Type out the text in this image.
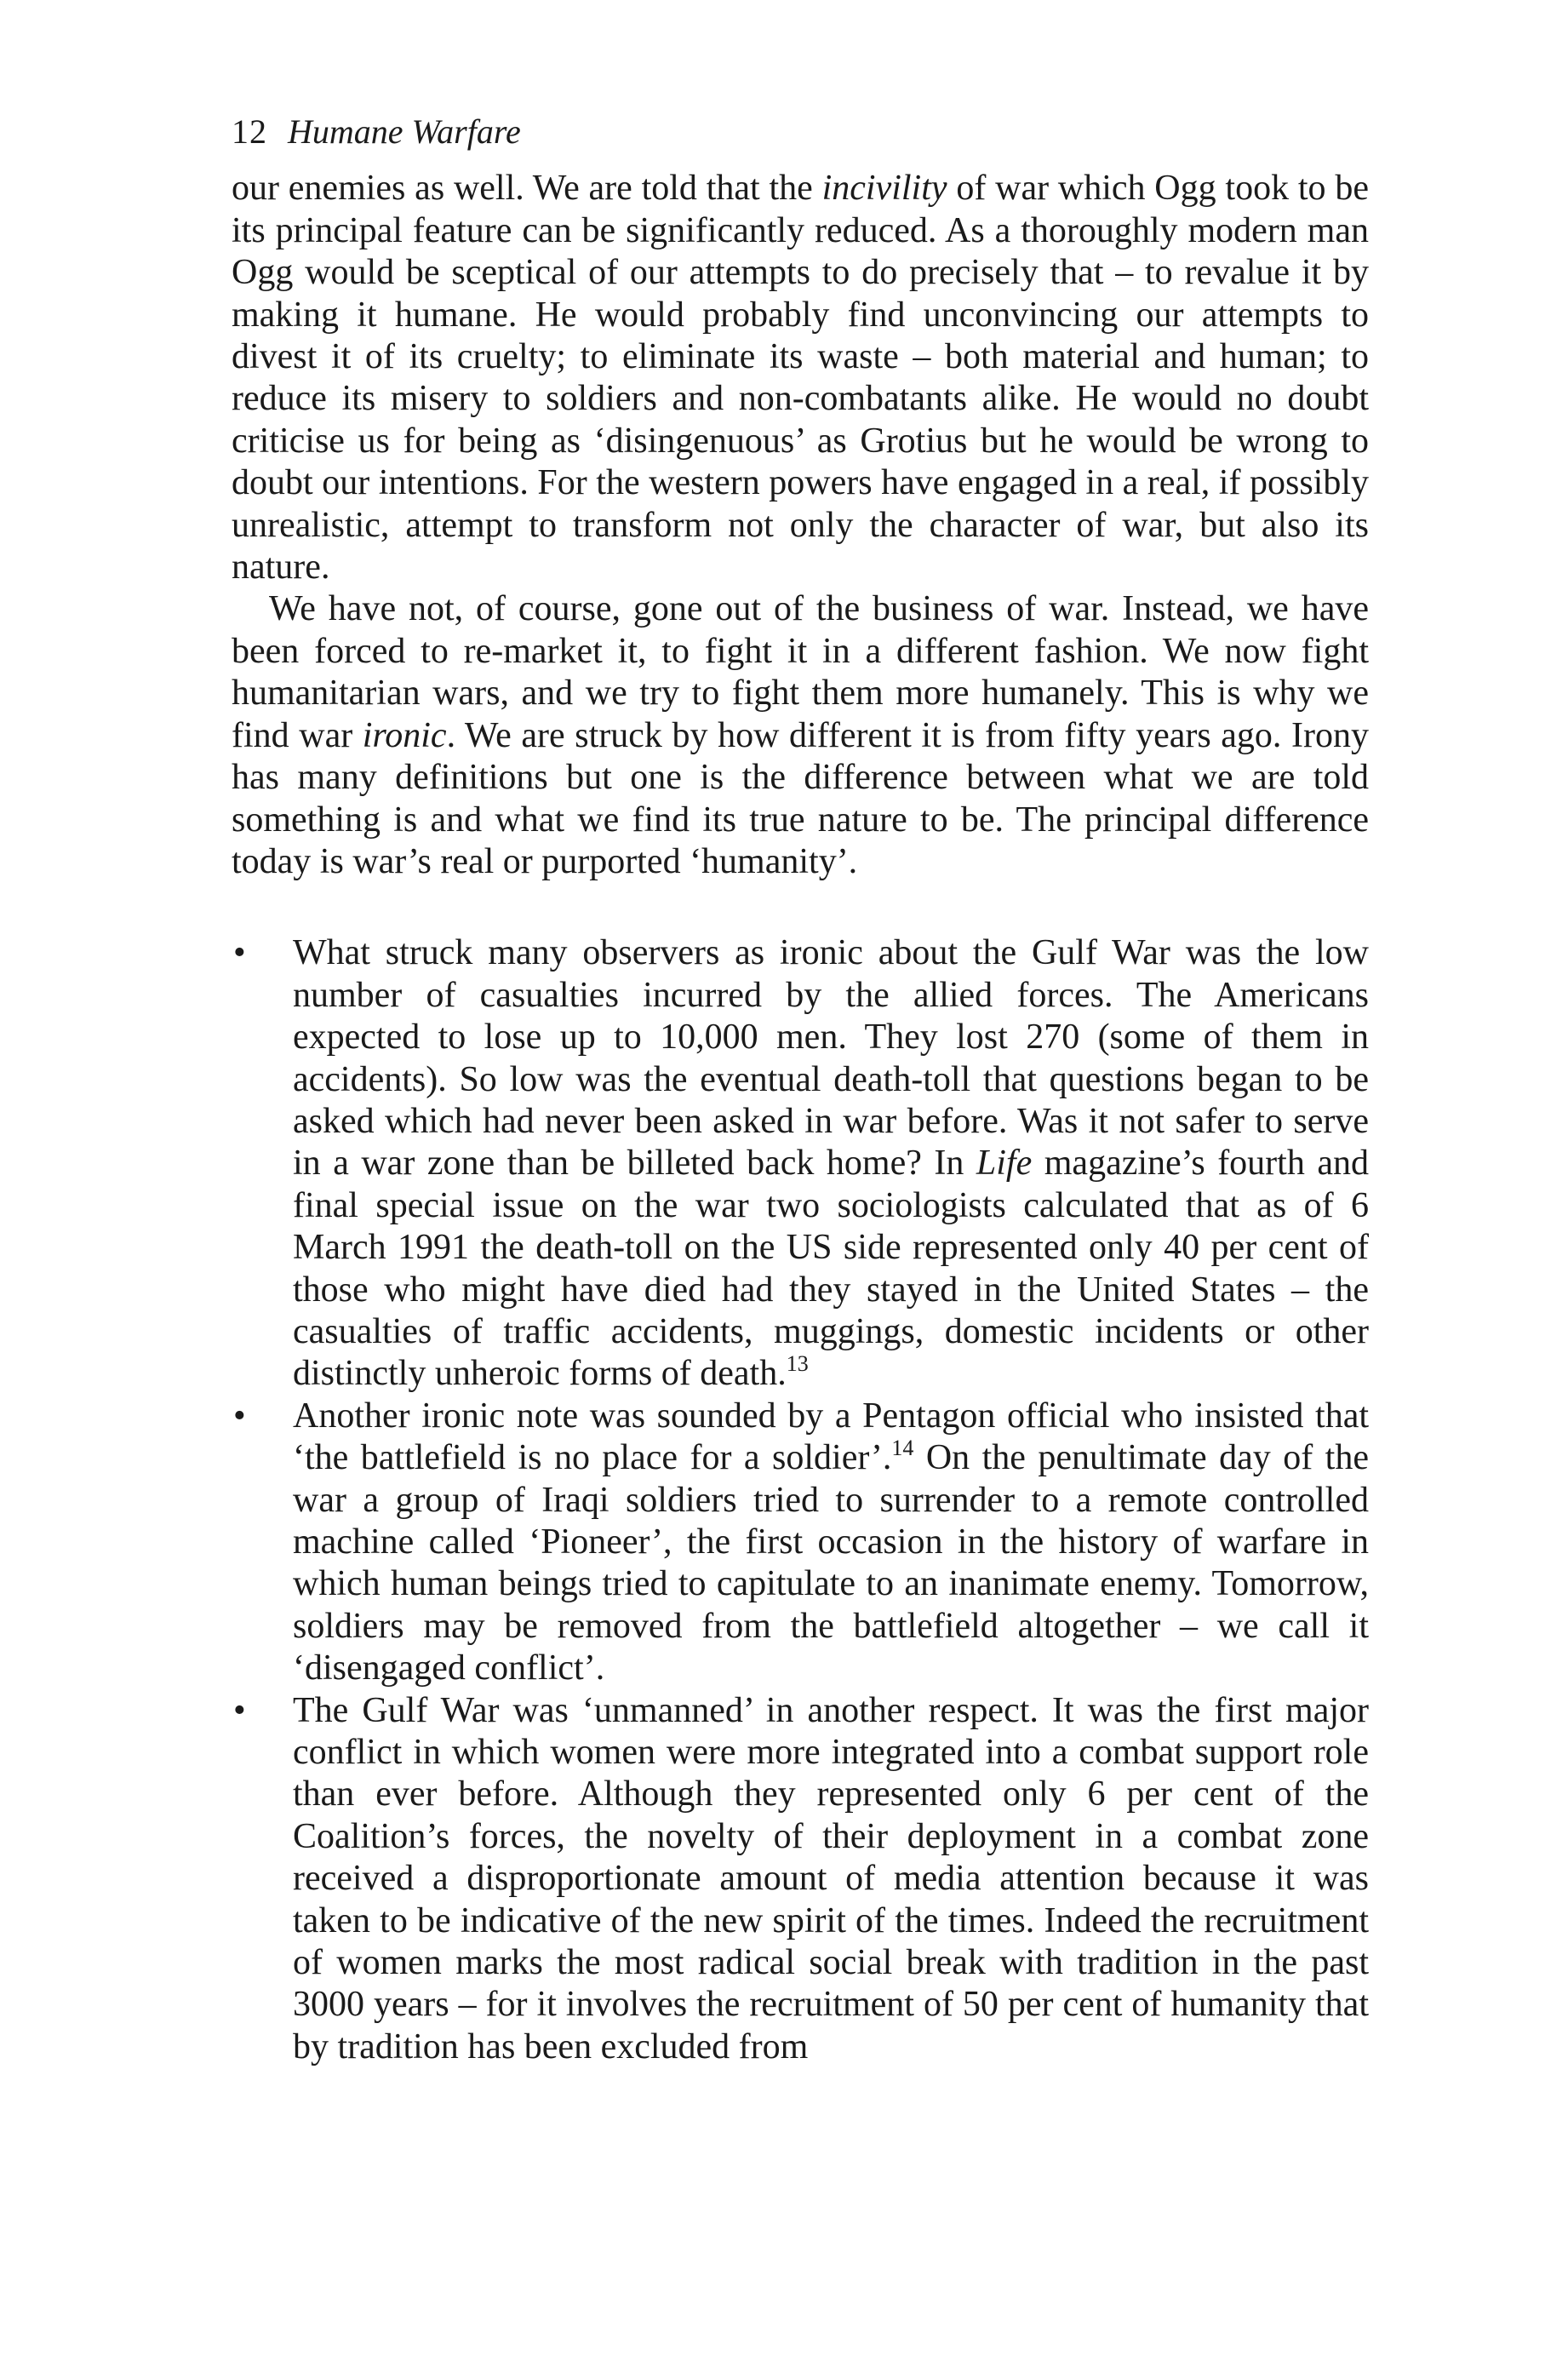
12 Humane Warfare

our enemies as well. We are told that the incivility of war which Ogg took to be its principal feature can be significantly reduced. As a thoroughly modern man Ogg would be sceptical of our attempts to do precisely that – to revalue it by making it humane. He would probably find unconvincing our attempts to divest it of its cruelty; to eliminate its waste – both material and human; to reduce its misery to soldiers and non-combatants alike. He would no doubt criticise us for being as ‘disingenuous’ as Grotius but he would be wrong to doubt our intentions. For the western powers have engaged in a real, if possibly unrealistic, attempt to transform not only the character of war, but also its nature.

We have not, of course, gone out of the business of war. Instead, we have been forced to re-market it, to fight it in a different fashion. We now fight humanitarian wars, and we try to fight them more humanely. This is why we find war ironic. We are struck by how different it is from fifty years ago. Irony has many definitions but one is the difference between what we are told something is and what we find its true nature to be. The principal difference today is war’s real or purported ‘humanity’.

• What struck many observers as ironic about the Gulf War was the low number of casualties incurred by the allied forces. The Americans expected to lose up to 10,000 men. They lost 270 (some of them in accidents). So low was the eventual death-toll that questions began to be asked which had never been asked in war before. Was it not safer to serve in a war zone than be billeted back home? In Life magazine’s fourth and final special issue on the war two sociologists calculated that as of 6 March 1991 the death-toll on the US side represented only 40 per cent of those who might have died had they stayed in the United States – the casualties of traffic accidents, muggings, domestic incidents or other distinctly unheroic forms of death.$^{13}$
• Another ironic note was sounded by a Pentagon official who insisted that ‘the battlefield is no place for a soldier’.$^{14}$ On the penultimate day of the war a group of Iraqi soldiers tried to surrender to a remote controlled machine called ‘Pioneer’, the first occasion in the history of warfare in which human beings tried to capitulate to an inanimate enemy. Tomorrow, soldiers may be removed from the battlefield altogether – we call it ‘disengaged conflict’.
• The Gulf War was ‘unmanned’ in another respect. It was the first major conflict in which women were more integrated into a combat support role than ever before. Although they represented only 6 per cent of the Coalition’s forces, the novelty of their deployment in a combat zone received a disproportionate amount of media attention because it was taken to be indicative of the new spirit of the times. Indeed the recruitment of women marks the most radical social break with tradition in the past 3000 years – for it involves the recruitment of 50 per cent of humanity that by tradition has been excluded from
